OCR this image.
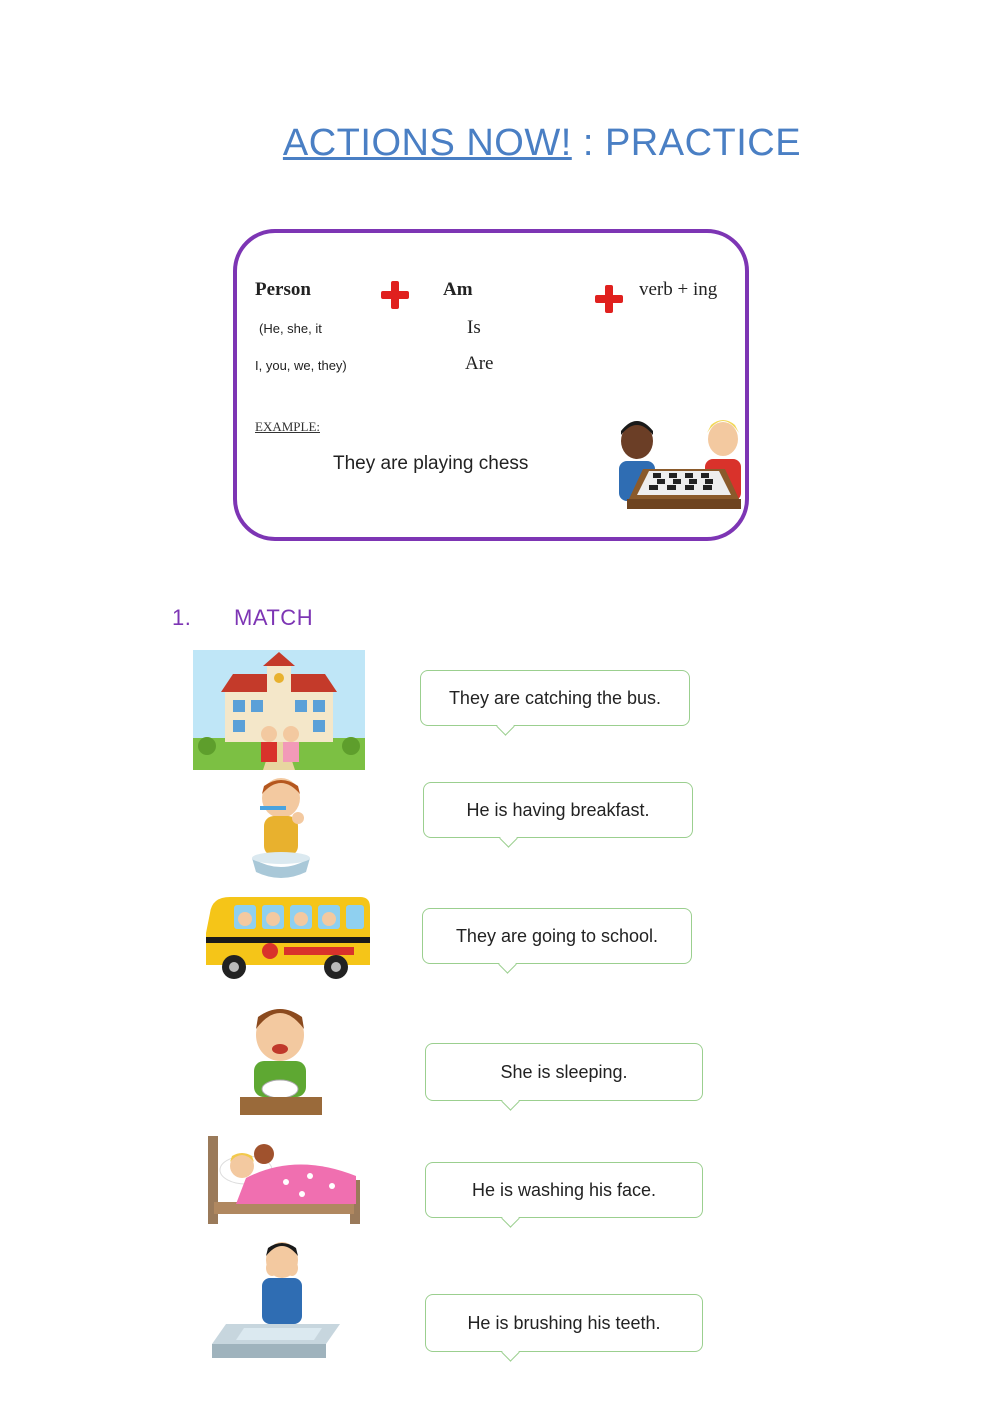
ACTIONS NOW! : PRACTICE
Person
(He, she, it
I, you, we, they)
Am
Is
Are
verb + ing
EXAMPLE:
They are playing chess
1. MATCH
They are catching the bus.
He is having breakfast.
They are going to school.
She is sleeping.
He is washing his face.
He is brushing his teeth.
